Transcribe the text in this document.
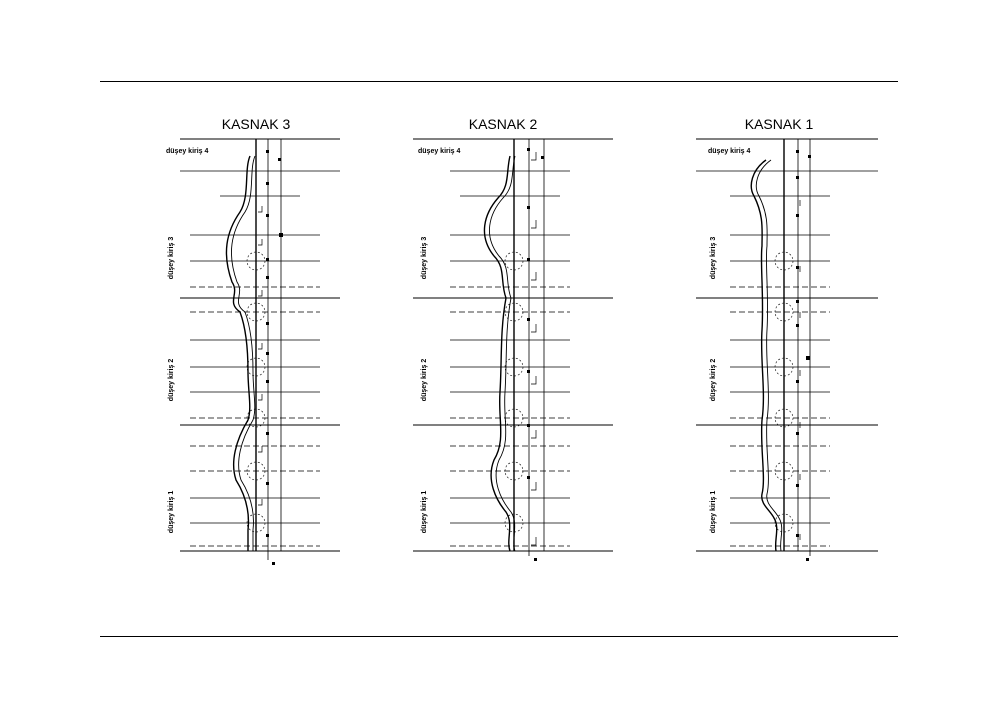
KASNAK 3
düşey kiriş 4
düşey kiriş 3
düşey kiriş 2
düşey kiriş 1
KASNAK 2
düşey kiriş 4
düşey kiriş 3
düşey kiriş 2
düşey kiriş 1
KASNAK 1
düşey kiriş 4
düşey kiriş 3
düşey kiriş 2
düşey kiriş 1
